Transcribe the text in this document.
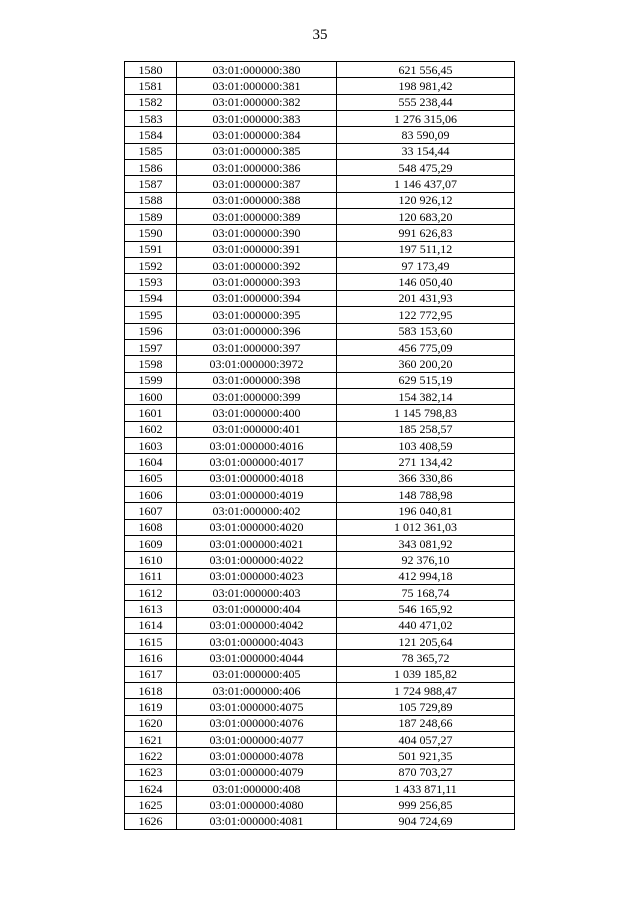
35
1580	03:01:000000:380	621 556,45
1581	03:01:000000:381	198 981,42
1582	03:01:000000:382	555 238,44
1583	03:01:000000:383	1 276 315,06
1584	03:01:000000:384	83 590,09
1585	03:01:000000:385	33 154,44
1586	03:01:000000:386	548 475,29
1587	03:01:000000:387	1 146 437,07
1588	03:01:000000:388	120 926,12
1589	03:01:000000:389	120 683,20
1590	03:01:000000:390	991 626,83
1591	03:01:000000:391	197 511,12
1592	03:01:000000:392	97 173,49
1593	03:01:000000:393	146 050,40
1594	03:01:000000:394	201 431,93
1595	03:01:000000:395	122 772,95
1596	03:01:000000:396	583 153,60
1597	03:01:000000:397	456 775,09
1598	03:01:000000:3972	360 200,20
1599	03:01:000000:398	629 515,19
1600	03:01:000000:399	154 382,14
1601	03:01:000000:400	1 145 798,83
1602	03:01:000000:401	185 258,57
1603	03:01:000000:4016	103 408,59
1604	03:01:000000:4017	271 134,42
1605	03:01:000000:4018	366 330,86
1606	03:01:000000:4019	148 788,98
1607	03:01:000000:402	196 040,81
1608	03:01:000000:4020	1 012 361,03
1609	03:01:000000:4021	343 081,92
1610	03:01:000000:4022	92 376,10
1611	03:01:000000:4023	412 994,18
1612	03:01:000000:403	75 168,74
1613	03:01:000000:404	546 165,92
1614	03:01:000000:4042	440 471,02
1615	03:01:000000:4043	121 205,64
1616	03:01:000000:4044	78 365,72
1617	03:01:000000:405	1 039 185,82
1618	03:01:000000:406	1 724 988,47
1619	03:01:000000:4075	105 729,89
1620	03:01:000000:4076	187 248,66
1621	03:01:000000:4077	404 057,27
1622	03:01:000000:4078	501 921,35
1623	03:01:000000:4079	870 703,27
1624	03:01:000000:408	1 433 871,11
1625	03:01:000000:4080	999 256,85
1626	03:01:000000:4081	904 724,69
